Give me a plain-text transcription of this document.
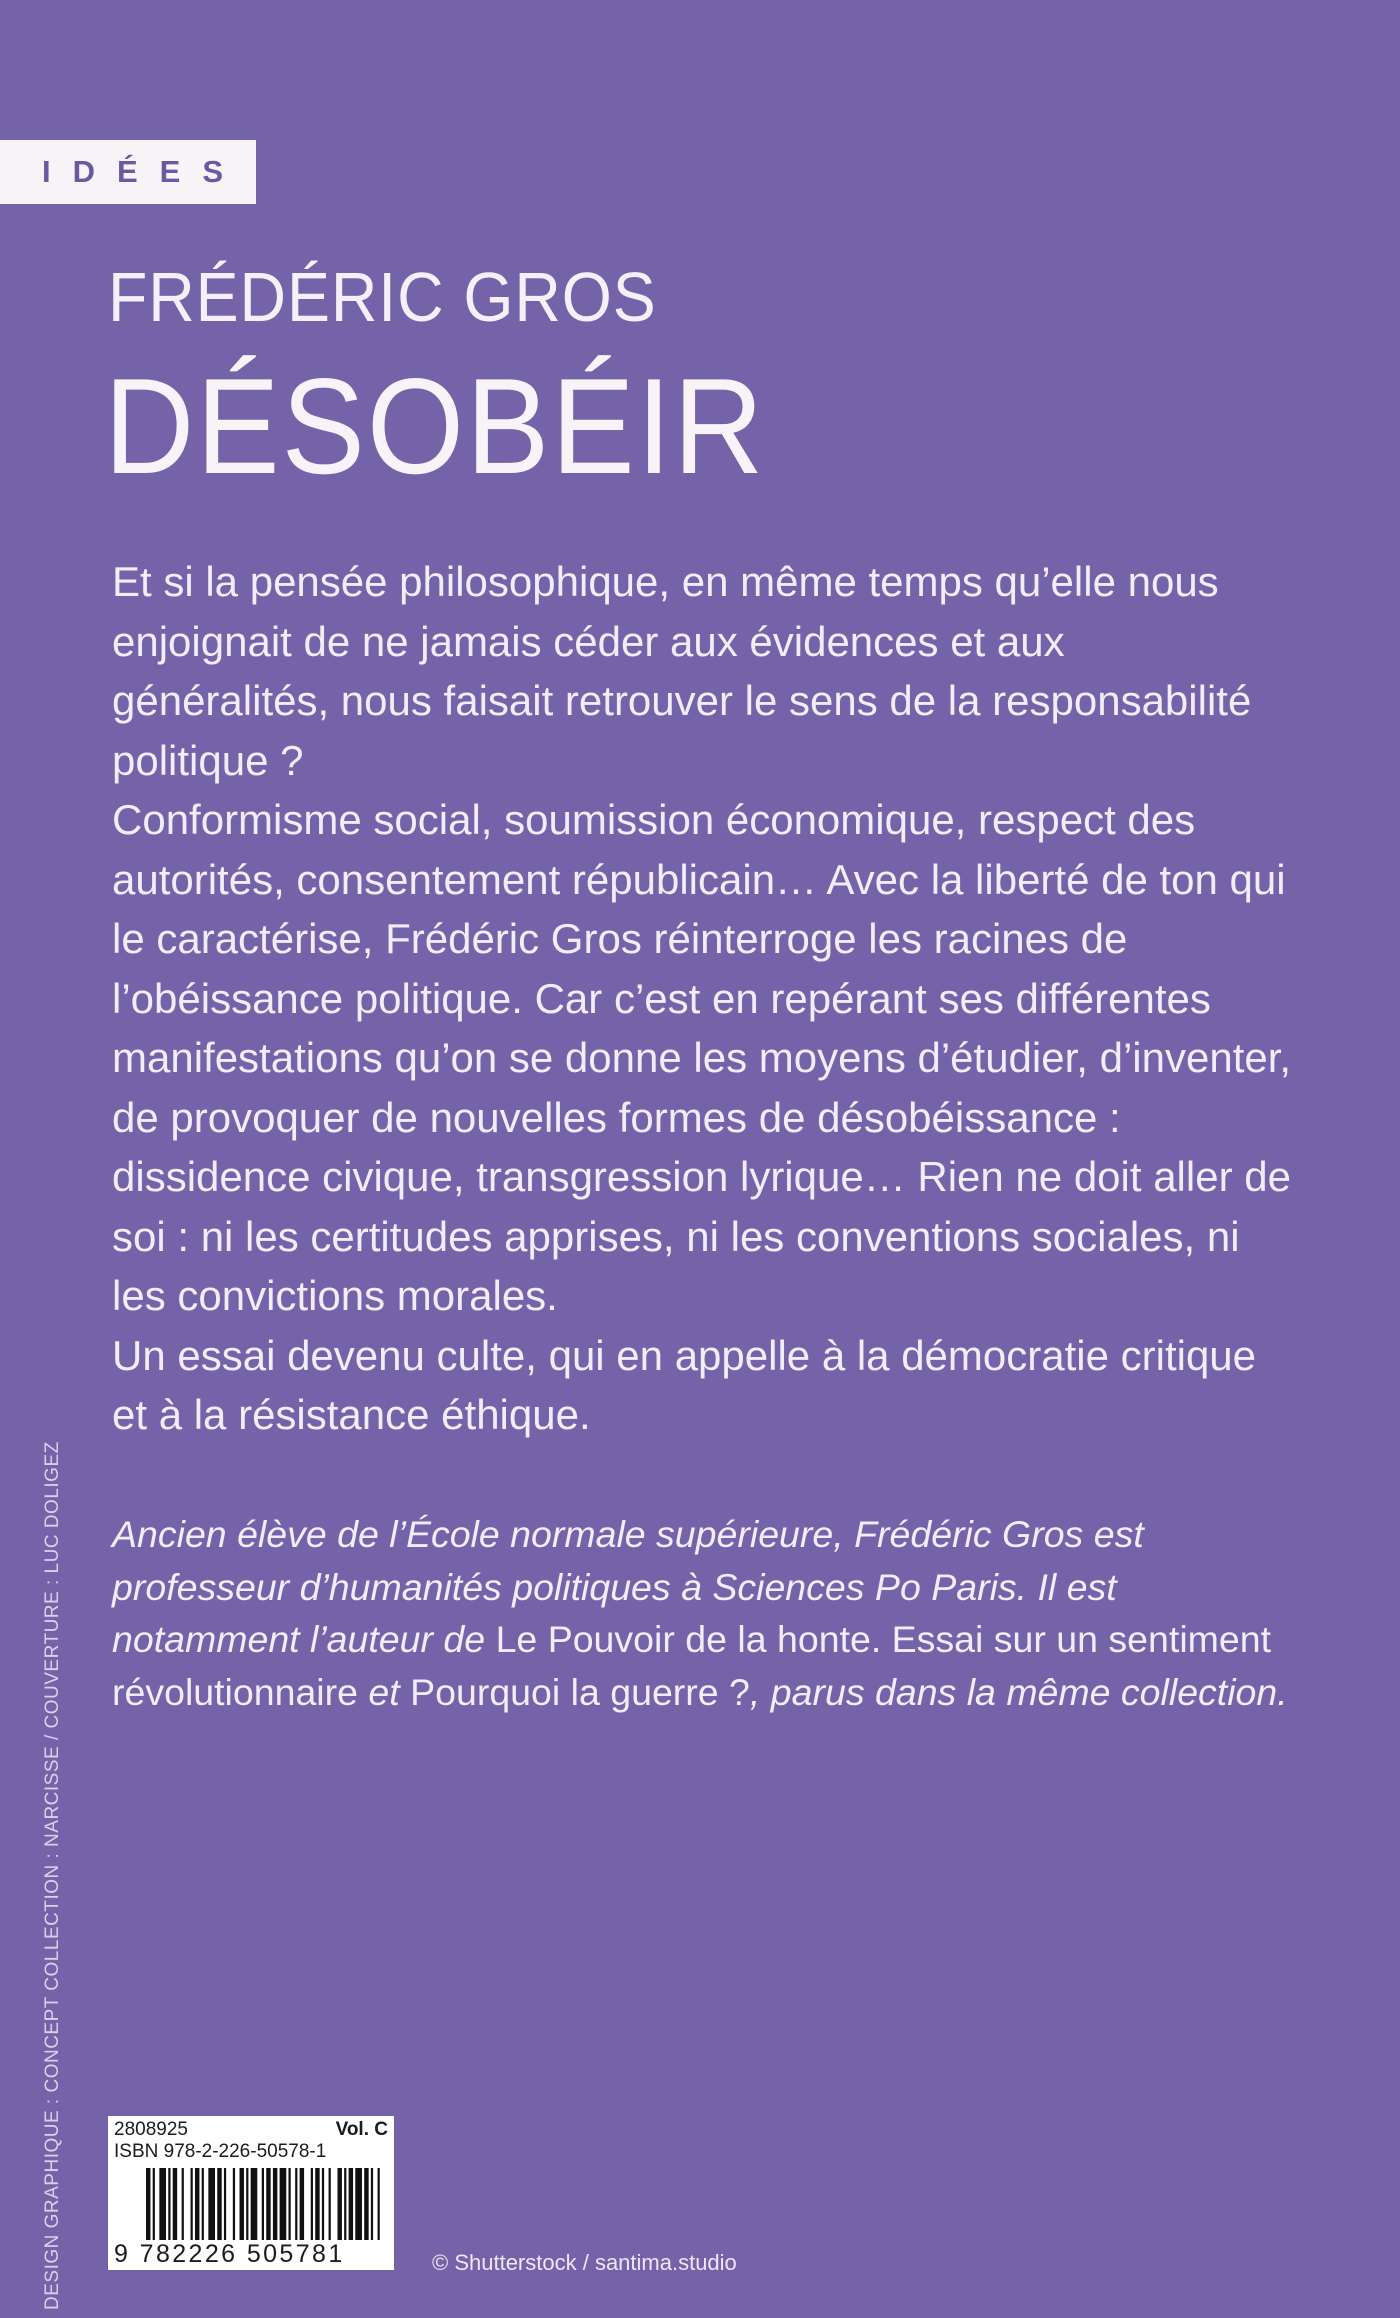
IDÉES
FRÉDÉRIC GROS
DÉSOBÉIR

Et si la pensée philosophique, en même temps qu’elle nous enjoignait de ne jamais céder aux évidences et aux généralités, nous faisait retrouver le sens de la responsabilité politique ?

Conformisme social, soumission économique, respect des autorités, consentement républicain… Avec la liberté de ton qui le caractérise, Frédéric Gros réinterroge les racines de l’obéissance politique. Car c’est en repérant ses différentes manifestations qu’on se donne les moyens d’étudier, d’inventer, de provoquer de nouvelles formes de désobéissance : dissidence civique, transgression lyrique… Rien ne doit aller de soi : ni les certitudes apprises, ni les conventions sociales, ni les convictions morales.

Un essai devenu culte, qui en appelle à la démocratie critique et à la résistance éthique.

Ancien élève de l’École normale supérieure, Frédéric Gros est professeur d’humanités politiques à Sciences Po Paris. Il est notamment l’auteur de Le Pouvoir de la honte. Essai sur un sentiment révolutionnaire et Pourquoi la guerre ?, parus dans la même collection.

DESIGN GRAPHIQUE : CONCEPT COLLECTION : NARCISSE / COUVERTURE : LUC DOLIGEZ	2808925	Vol. C
ISBN 978-2-226-50578-1
9 782226 505781	© Shutterstock / santima.studio
